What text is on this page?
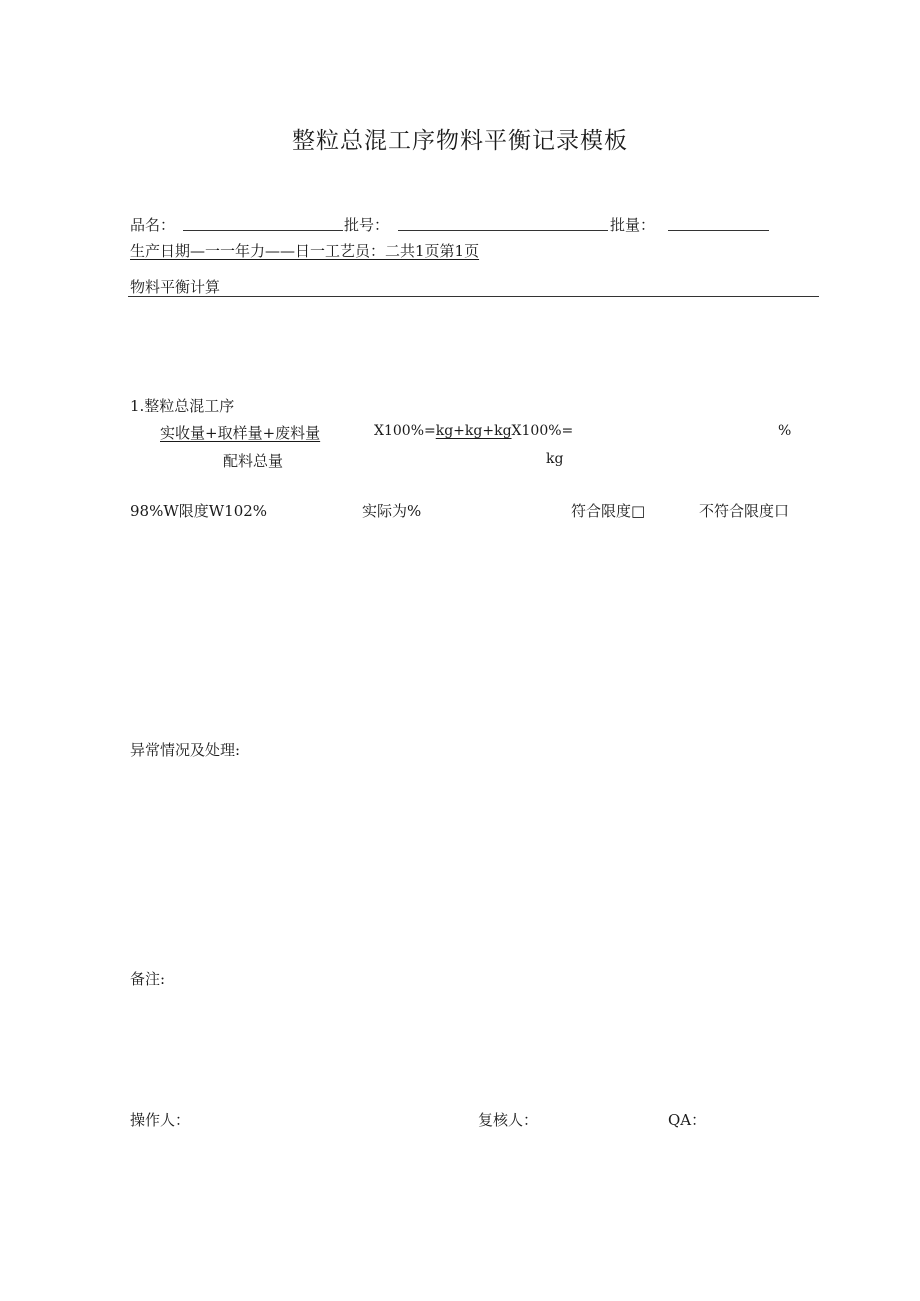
整粒总混工序物料平衡记录模板
品名：	批号：	批量：
生产日期—一一年力——日一工艺员：二共1页第1页
物料平衡计算
1.整粒总混工序
实收量+取样量+废料量	X100%=kg+kg+kgX100%=	%
配料总量	kg
98%W限度W102%	实际为%	符合限度□	不符合限度口
异常情况及处理:
备注:
操作人：	复核人：	QA：
